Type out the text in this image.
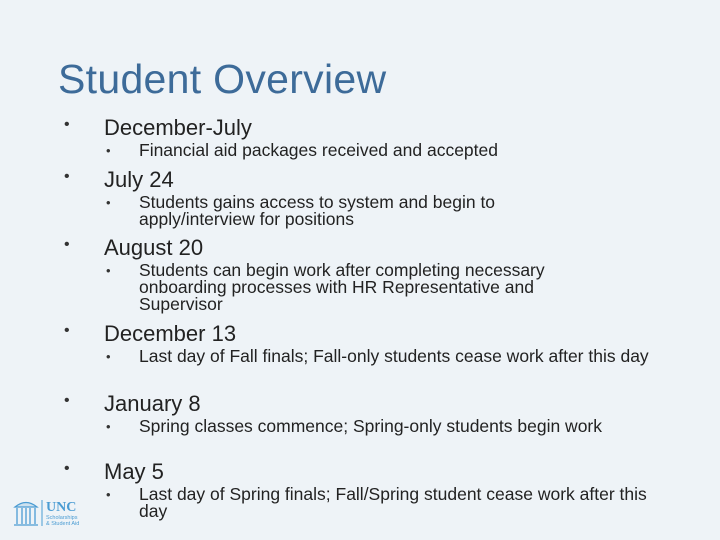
Student Overview
• December-July
• Financial aid packages received and accepted
• July 24
• Students gains access to system and begin to apply/interview for positions
• August 20
• Students can begin work after completing necessary onboarding processes with HR Representative and Supervisor
• December 13
• Last day of Fall finals; Fall-only students cease work after this day
• January 8
• Spring classes commence; Spring-only students begin work
• May 5
• Last day of Spring finals; Fall/Spring student cease work after this day
UNC
Scholarships
& Student Aid
